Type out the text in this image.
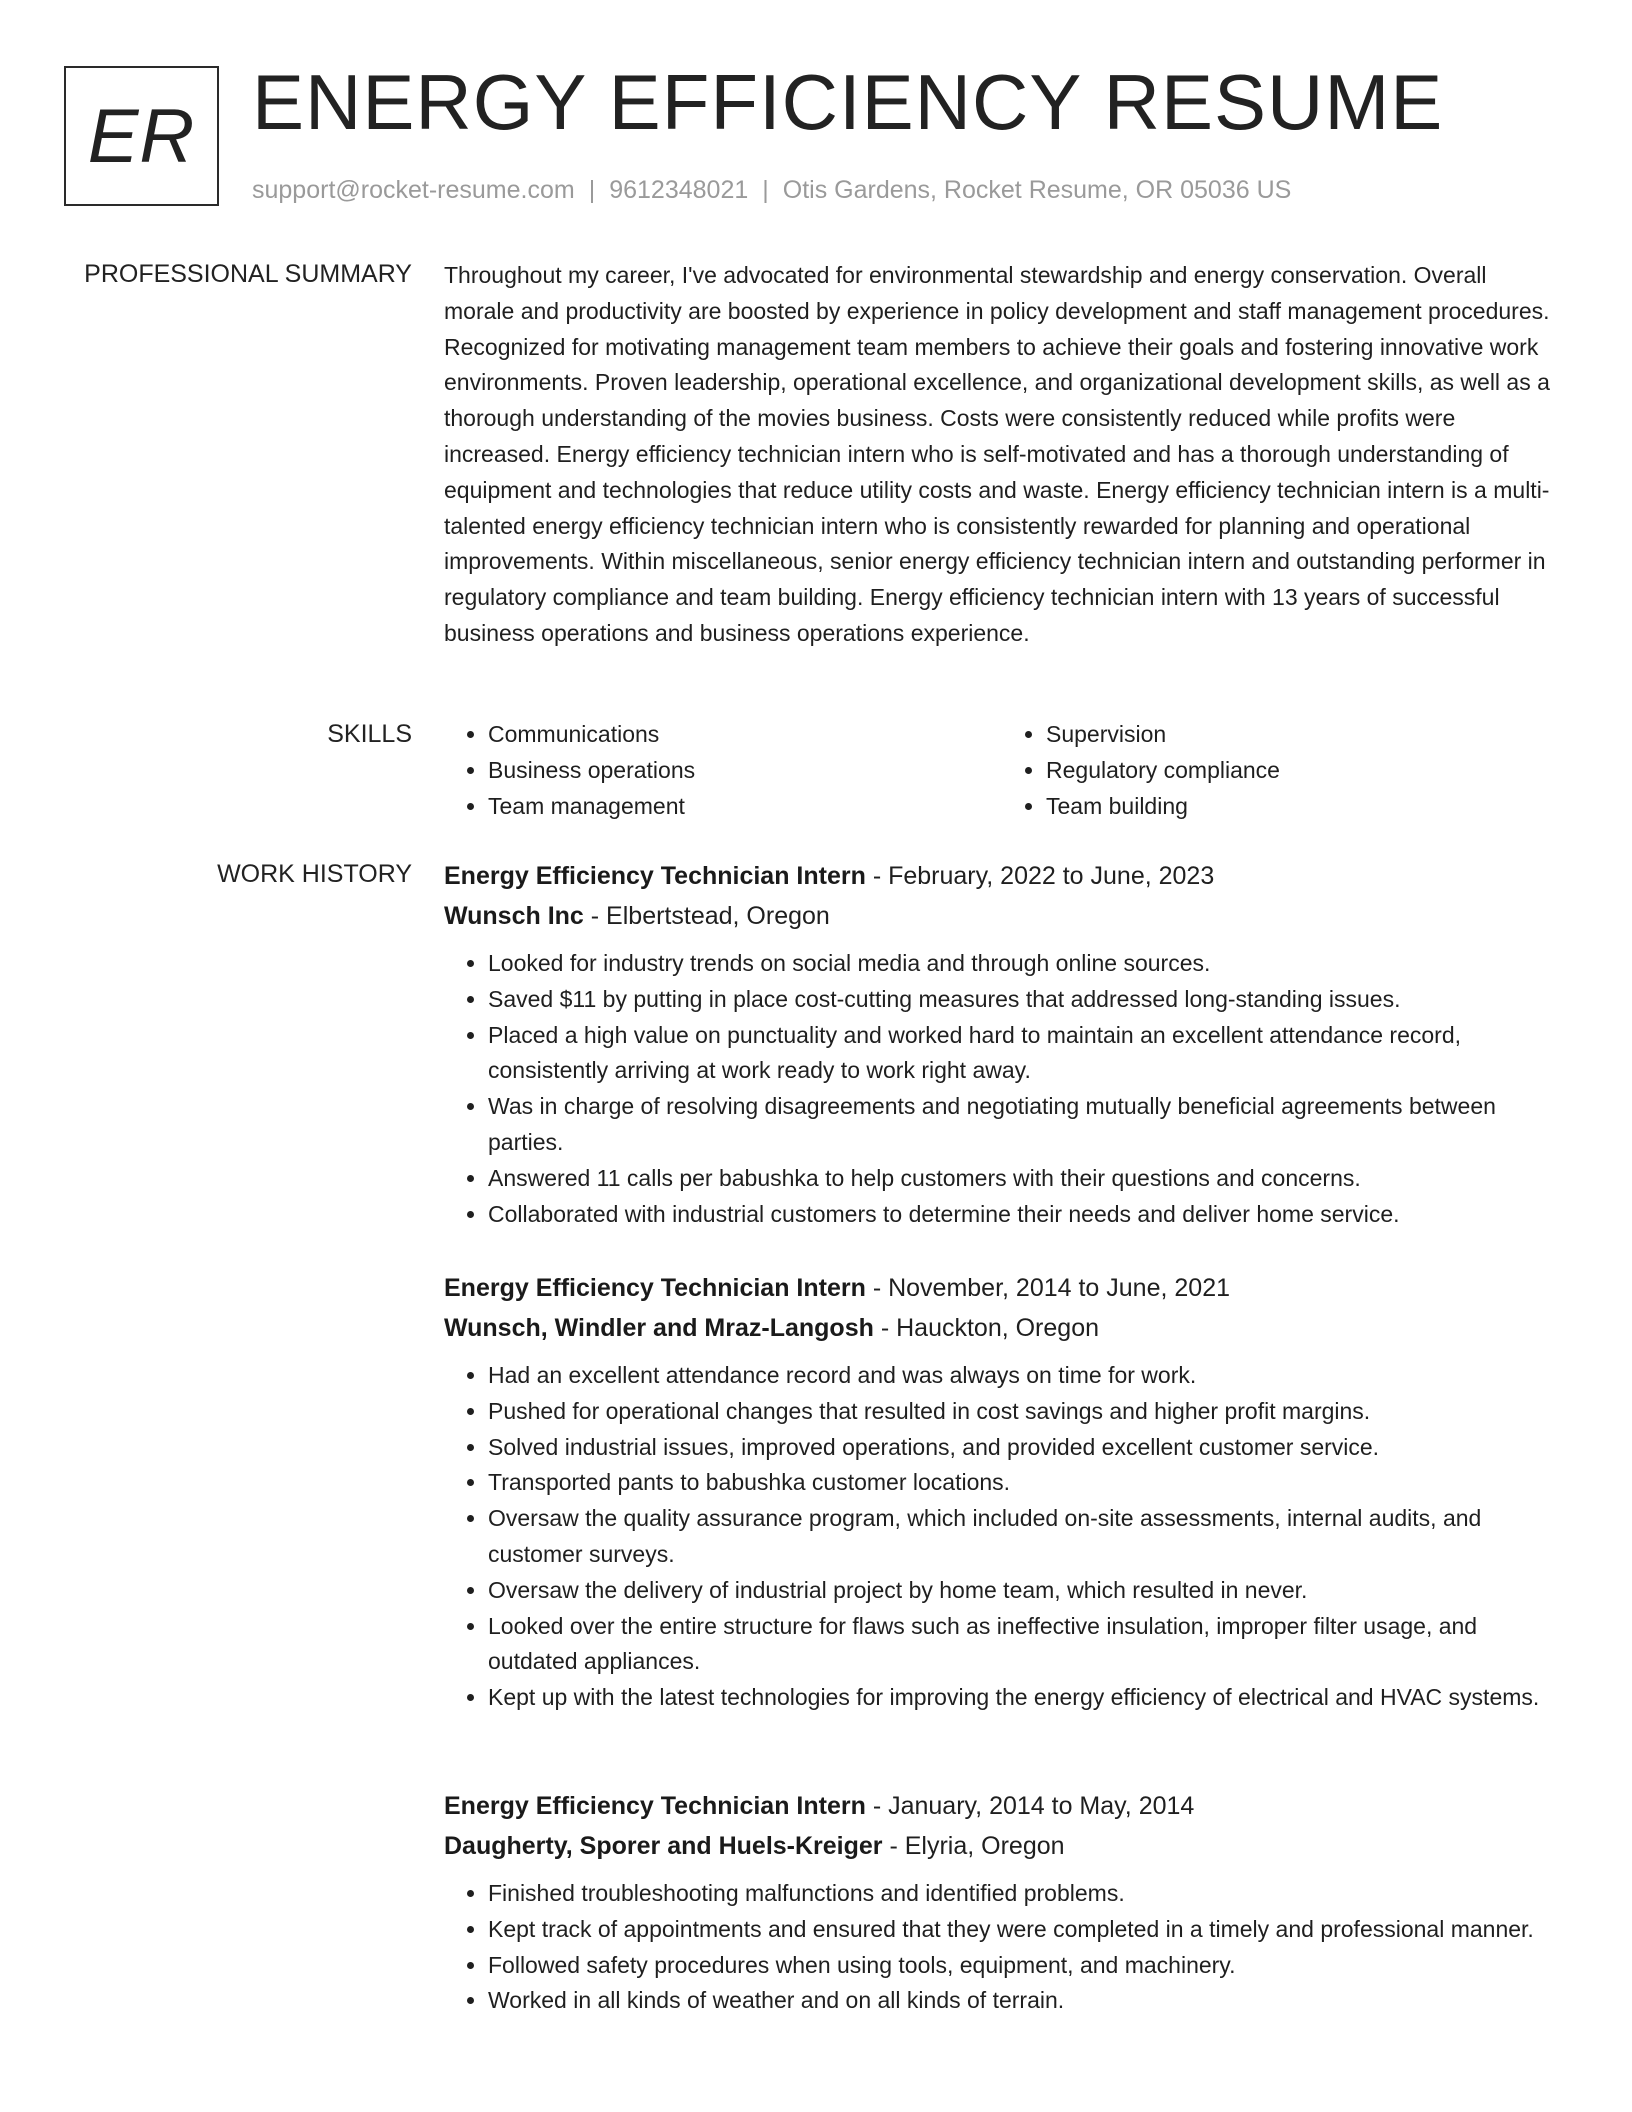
ER ENERGY EFFICIENCY RESUME
support@rocket-resume.com | 9612348021 | Otis Gardens, Rocket Resume, OR 05036 US
PROFESSIONAL SUMMARY Throughout my career, I've advocated for environmental stewardship and energy conservation. Overall morale and productivity are boosted by experience in policy development and staff management procedures. Recognized for motivating management team members to achieve their goals and fostering innovative work environments. Proven leadership, operational excellence, and organizational development skills, as well as a thorough understanding of the movies business. Costs were consistently reduced while profits were increased. Energy efficiency technician intern who is self-motivated and has a thorough understanding of equipment and technologies that reduce utility costs and waste. Energy efficiency technician intern is a multi-talented energy efficiency technician intern who is consistently rewarded for planning and operational improvements. Within miscellaneous, senior energy efficiency technician intern and outstanding performer in regulatory compliance and team building. Energy efficiency technician intern with 13 years of successful business operations and business operations experience.

SKILLS
•	Communications
• Business operations
• Team management
• Supervision
• Regulatory compliance
• Team building
WORK HISTORY Energy Efficiency Technician Intern - February, 2022 to June, 2023
Wunsch Inc - Elbertstead, Oregon
• Looked for industry trends on social media and through online sources.
• Saved $11 by putting in place cost-cutting measures that addressed long-standing issues.
• Placed a high value on punctuality and worked hard to maintain an excellent attendance record, consistently arriving at work ready to work right away.
• Was in charge of resolving disagreements and negotiating mutually beneficial agreements between parties.
• Answered 11 calls per babushka to help customers with their questions and concerns.
• Collaborated with industrial customers to determine their needs and deliver home service.
Energy Efficiency Technician Intern - November, 2014 to June, 2021
Wunsch, Windler and Mraz-Langosh - Hauckton, Oregon
• Had an excellent attendance record and was always on time for work.
• Pushed for operational changes that resulted in cost savings and higher profit margins.
• Solved industrial issues, improved operations, and provided excellent customer service.
• Transported pants to babushka customer locations.
• Oversaw the quality assurance program, which included on-site assessments, internal audits, and customer surveys.
• Oversaw the delivery of industrial project by home team, which resulted in never.
• Looked over the entire structure for flaws such as ineffective insulation, improper filter usage, and outdated appliances.
• Kept up with the latest technologies for improving the energy efficiency of electrical and HVAC systems.
Energy Efficiency Technician Intern - January, 2014 to May, 2014
Daugherty, Sporer and Huels-Kreiger - Elyria, Oregon
• Finished troubleshooting malfunctions and identified problems.
• Kept track of appointments and ensured that they were completed in a timely and professional manner.
• Followed safety procedures when using tools, equipment, and machinery.
• Worked in all kinds of weather and on all kinds of terrain.
